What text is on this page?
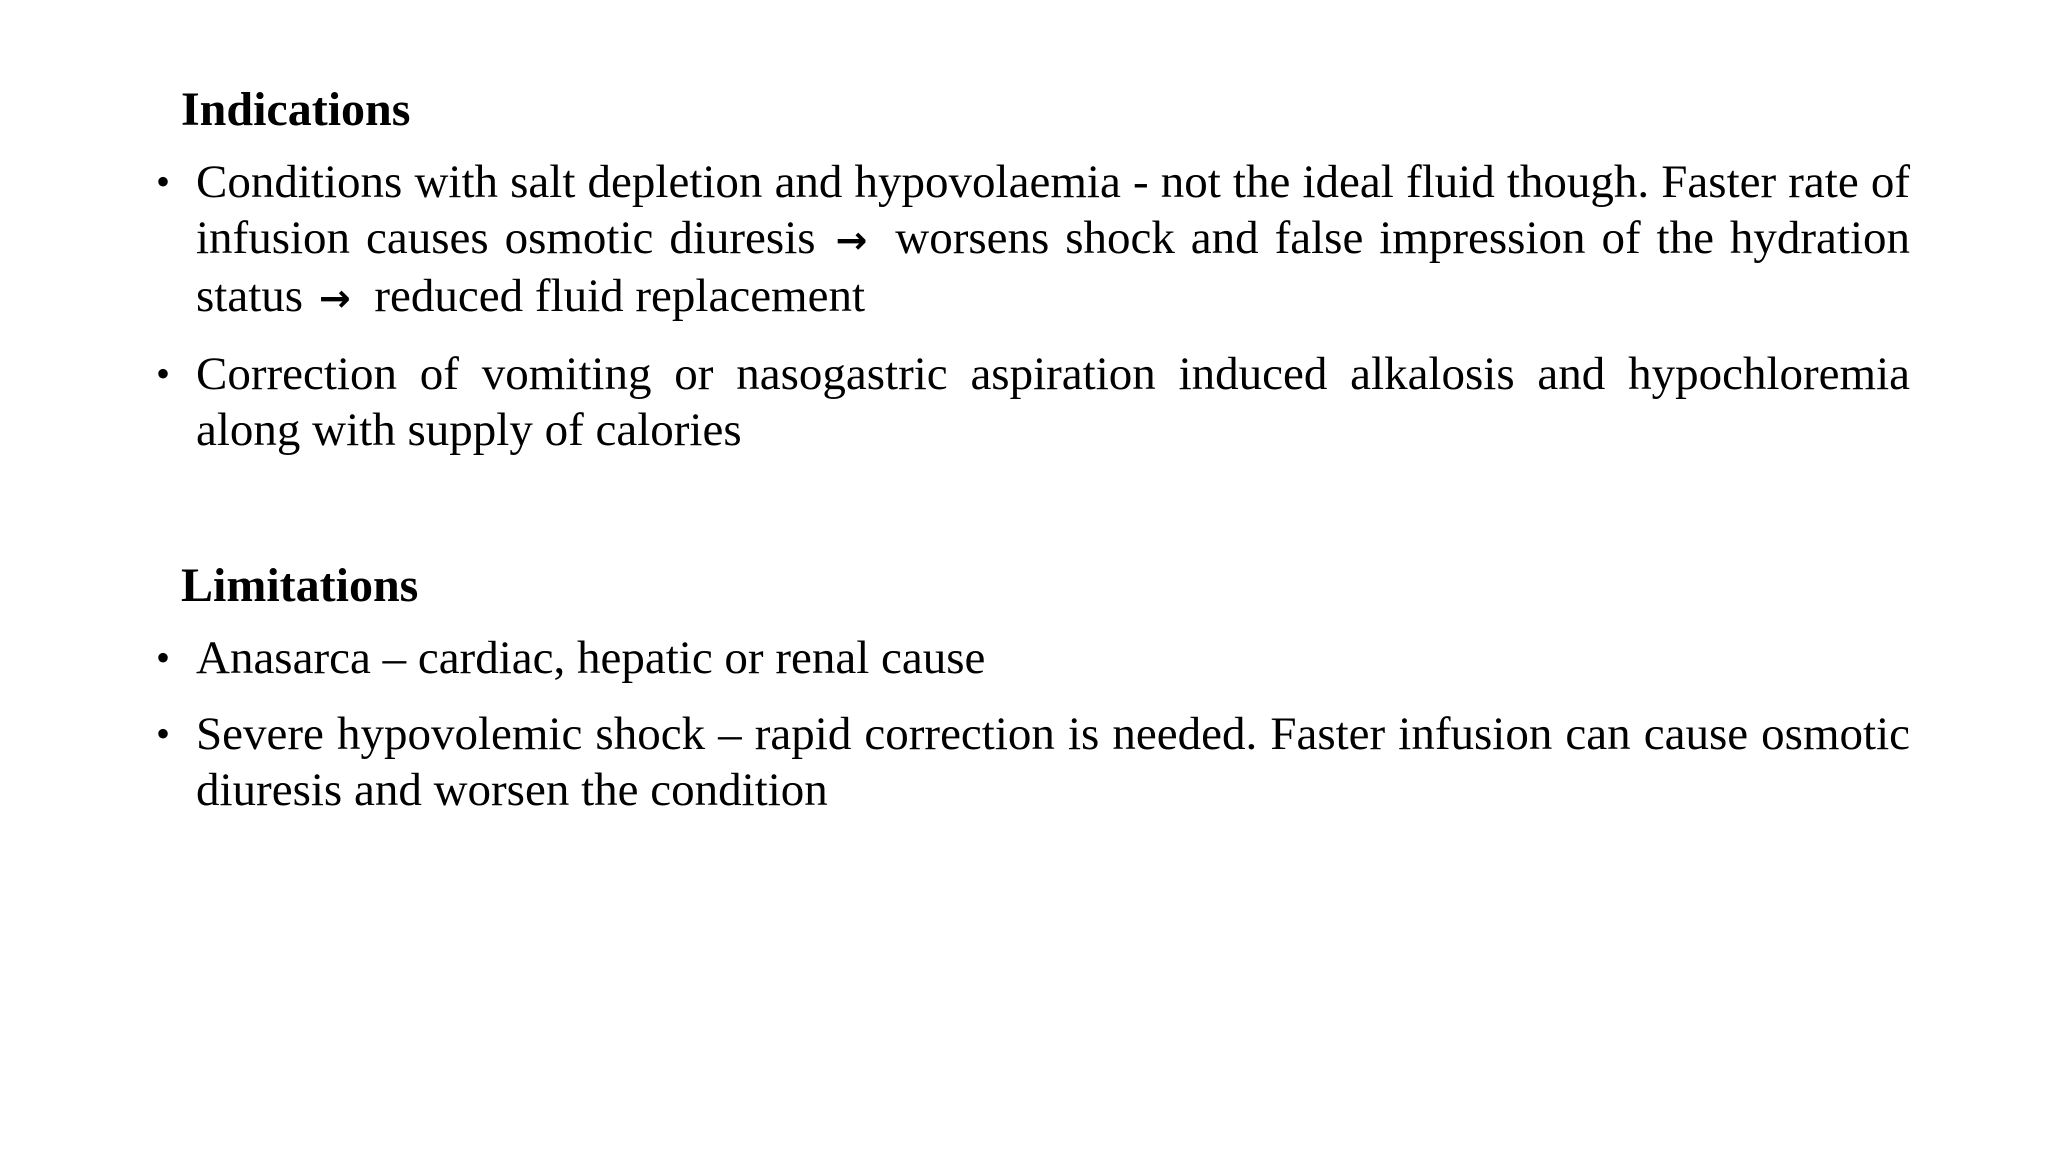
Indications
• Conditions with salt depletion and hypovolaemia - not the ideal fluid though. Faster rate of infusion causes osmotic diuresis → worsens shock and false impression of the hydration status → reduced fluid replacement
• Correction of vomiting or nasogastric aspiration induced alkalosis and hypochloremia along with supply of calories
Limitations
• Anasarca – cardiac, hepatic or renal cause
• Severe hypovolemic shock – rapid correction is needed. Faster infusion can cause osmotic diuresis and worsen the condition
